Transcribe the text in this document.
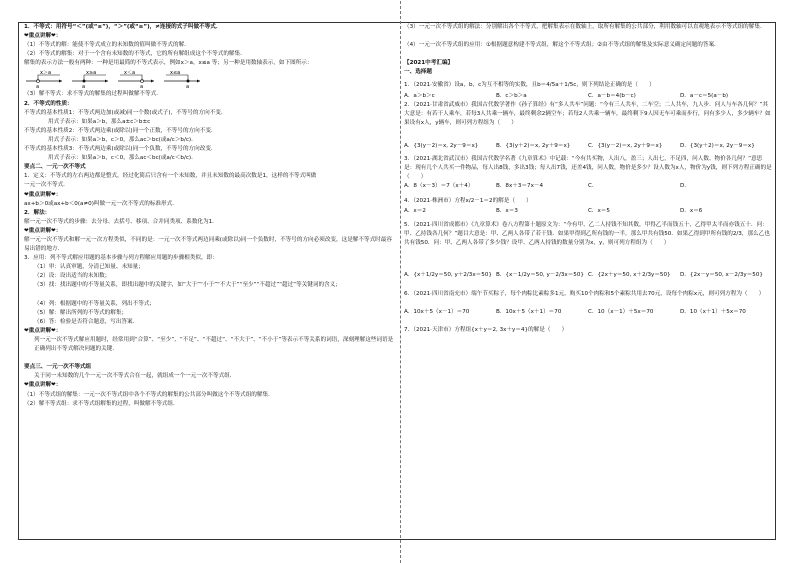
1．不等式：用符号“＜”(或“≤”)，“＞”(或“≥”)，≠连接的式子叫做不等式．
❤重点讲解❤：
（1）不等式的解：能使不等式成立的未知数的值叫做不等式的解．
（2）不等式的解集：对于一个含有未知数的不等式，它的所有解组成这个不等式的解集．
解集的表示方法一般有两种：一种是用最简的不等式表示，例如x＞a，x≤a 等；另一种是用数轴表示，如下图所示：
x＞a
a
x≥a
a
x＜a
a
x≤a
a
（3）解不等式：求不等式的解集的过程叫做解不等式．
2．不等式的性质：
不等式的基本性质1：不等式两边加(或减)同一个数(或式子)，不等号的方向不变．
用式子表示：如果a＞b，那么a±c＞b±c
不等式的基本性质2：不等式两边乘(或除以)同一个正数，不等号的方向不变．
用式子表示：如果a＞b，c＞0，那么ac＞bc(或a/c＞b/c)．
不等式的基本性质3：不等式两边乘(或除以)同一个负数，不等号的方向改变．
用式子表示：如果a＞b，c＜0，那么ac＜bc(或a/c＜b/c)．
要点二、一元一次不等式
1．定义：不等式的左右两边都是整式，经过化简后只含有一个未知数，并且未知数的最高次数是1，这样的不等式叫做
一元一次不等式．
❤重点讲解❤：
ax+b＞0或ax+b＜0(a≠0)叫做一元一次不等式的标准形式．
2．解法：
解一元一次不等式的步骤：去分母、去括号、移项、合并同类项、系数化为1．
❤重点讲解❤：
解一元一次不等式和解一元一次方程类似，不同的是：一元一次不等式两边同乘(或除以)同一个负数时，不等号的方向必须改变，这是解不等式时最容易出错的地方．
3．应用：列不等式解应用题的基本步骤与列方程解应用题的步骤相类似，即：
（1）审：认真审题，分清已知量、未知量；
（2）设：设出适当的未知数；
（3）找：找出题中的不等量关系，即找出题中的关键字，如“大于”“小于”“不大于”“至少”“不超过”“超过”等关键词的含义；
（4）列：根据题中的不等量关系，列出不等式；
（5）解：解出所列的不等式的解集；
（6）答：检验是否符合题意，写出答案．
❤重点讲解❤：
列一元一次不等式解应用题时，经常用到“合算”、“至少”、“不足”、“不超过”、“不大于”、“不小于”等表示不等关系的词语，深刻理解这些词语是正确列出不等式解决问题的关键．
要点三、一元一次不等式组
关于同一未知数的几个一元一次不等式合在一起，就组成一个一元一次不等式组．
❤重点讲解❤：
（1）不等式组的解集：一元一次不等式组中各个不等式的解集的公共部分叫做这个不等式组的解集．
（2）解不等式组：求不等式组解集的过程，叫做解不等式组．
（3）一元一次不等式组的解法：分别解出各个不等式，把解集表示在数轴上，取所有解集的公共部分，利用数轴可以直观地表示不等式组的解集．
（4）一元一次不等式组的应用：①根据题意构建不等式组，解这个不等式组；②由不等式组的解集及实际意义确定问题的答案．
【2021中考汇编】
一、选择题
1．（2021·安徽省）设a，b，c为互不相等的实数，且b＝4/5a＋1/5c，则下列结论正确的是（　　）
A．a＞b＞c	B．c＞b＞a	C．a－b＝4(b－c)	D．a－c＝5(a－b)
2．（2021·甘肃省武威市）我国古代数学著作《孙子算经》有“多人共车”问题：“今有三人共车，二车空；二人共车，九人步．问人与车各几何？”其大意是：有若干人乘车，若每3人共乘一辆车，最终剩余2辆空车；若每2人共乘一辆车，最终剩下9人因无车可乘而步行，问有多少人，多少辆车？如果设有x人，y辆车，则可列方程组为（　　）
A．{3(y－2)＝x, 2y－9＝x}	B．{3(y＋2)＝x, 2y＋9＝x}	C．{3(y－2)＝x, 2y＋9＝x}	D．{3(y＋2)＝x, 2y－9＝x}
3．（2021·湖北省武汉市）我国古代数学名著《九章算术》中记载：“今有共买物，人出八，盈三；人出七，不足四，问人数、物价各几何？”意思是：现有几个人共买一件物品，每人出8钱，多出3钱；每人出7钱，还差4钱，问人数，物价是多少？设人数为x人，物价为y钱，则下列方程正确的是（　　）
A．8（x－3）＝7（x＋4）	B．8x＋3＝7x－4	C．	D．
4．（2021·株洲市）方程x/2－1＝2的解是（　　）
A．x＝2	B．x＝3	C．x＝5	D．x＝6
5．（2021·四川省成都市）《九章算术》卷八方程第十题原文为：“今有甲、乙二人持钱不知其数，甲得乙半而钱五十，乙得甲太半而亦钱五十．问：甲、乙持钱各几何？”题目大意是：甲、乙两人各带了若干钱．如果甲得到乙所有钱的一半，那么甲共有钱50．如果乙得到甲所有钱的2/3，那么乙也共有钱50．问：甲、乙两人各带了多少钱？设甲、乙两人持钱的数量分别为x，y，则可列方程组为（　　）
A．{x＋1/2y＝50, y＋2/3x＝50} B．{x－1/2y＝50, y－2/3x＝50} C．{2x＋y＝50, x＋2/3y＝50}	D．{2x－y＝50, x－2/3y＝50}
6．（2021·四川省南充市）端午节买粽子，每个肉粽比素粽多1元，购买10个肉粽和5个素粽共用去70元，设每个肉粽x元，则可列方程为（　　）
A．10x＋5（x－1）＝70	B．10x＋5（x＋1）＝70	C．10（x－1）＋5x＝70	D．10（x＋1）＋5x＝70
7．（2021·天津市）方程组{x＋y＝2, 3x＋y＝4}的解是（　　）
